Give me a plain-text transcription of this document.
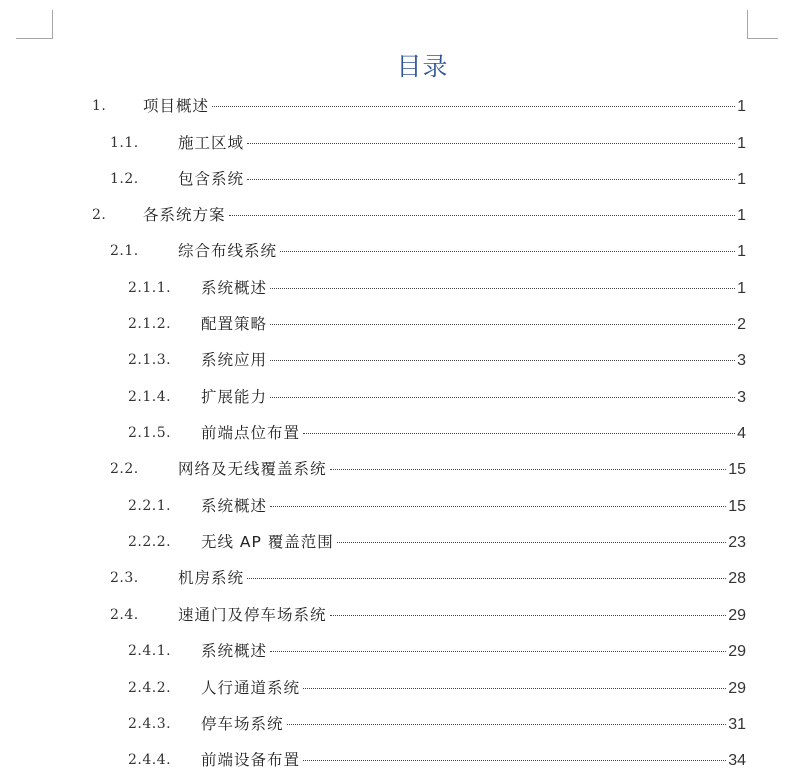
目录
1. 项目概述	1
1.1.	施工区域	1
1.2.	包含系统	1
2. 各系统方案	1
2.1.	综合布线系统	1
2.1.1. 系统概述	1
2.1.2. 配置策略	2
2.1.3. 系统应用	3
2.1.4. 扩展能力	3
2.1.5. 前端点位布置	4
2.2.	网络及无线覆盖系统	15
2.2.1. 系统概述	15
2.2.2. 无线 AP 覆盖范围	23
2.3.	机房系统	28
2.4.	速通门及停车场系统	29
2.4.1. 系统概述	29
2.4.2. 人行通道系统	29
2.4.3. 停车场系统	31
2.4.4. 前端设备布置	34
